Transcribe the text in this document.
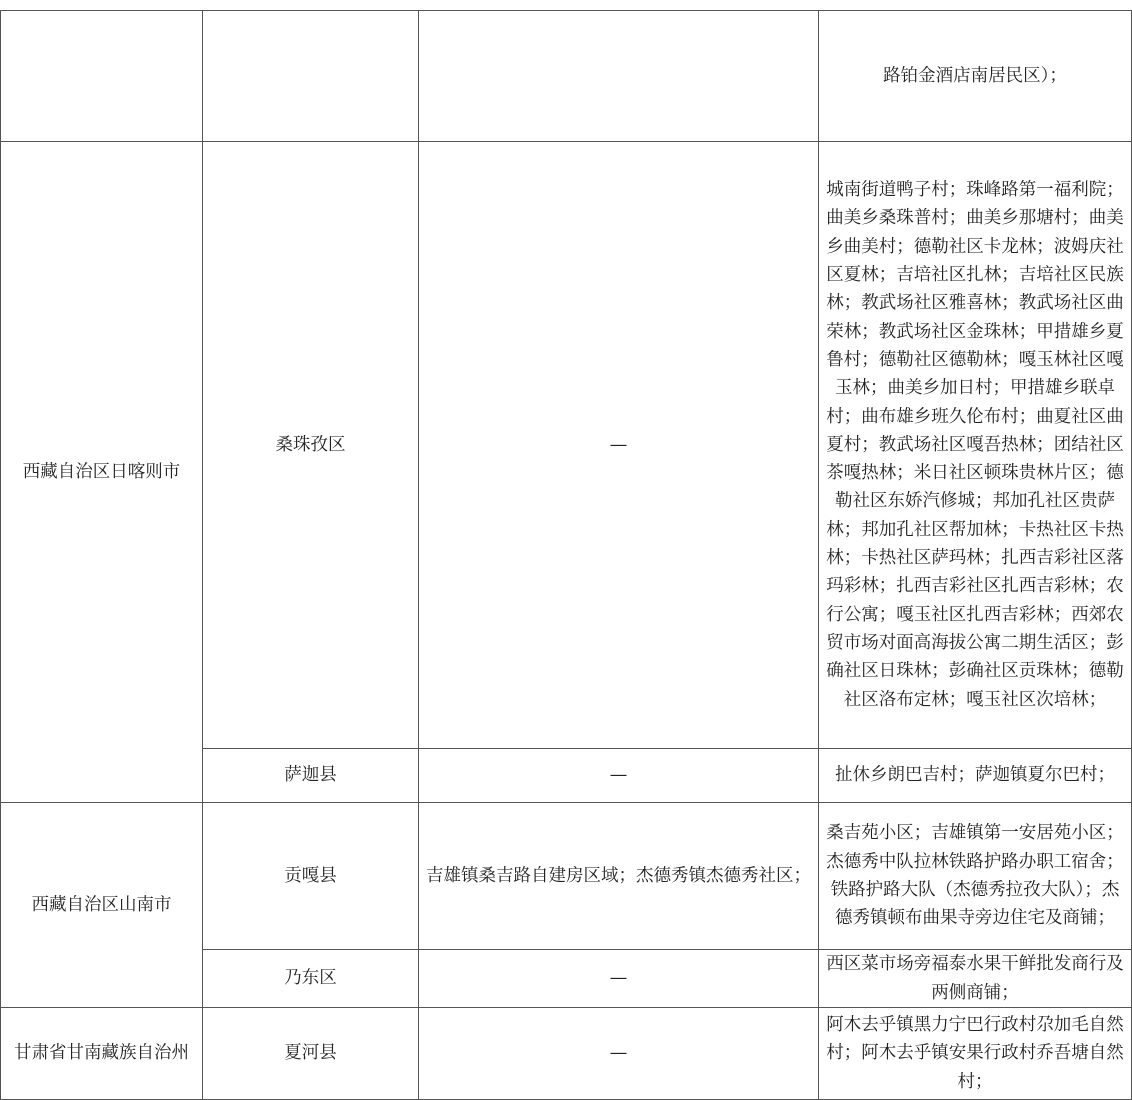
			路铂金酒店南居民区）；
西藏自治区日喀则市	桑珠孜区	—	城南街道鸭子村；珠峰路第一福利院；曲美乡桑珠普村；曲美乡那塘村；曲美乡曲美村；德勒社区卡龙林；波姆庆社区夏林；吉培社区扎林；吉培社区民族林；教武场社区雅喜林；教武场社区曲荣林；教武场社区金珠林；甲措雄乡夏鲁村；德勒社区德勒林；嘎玉林社区嘎玉林；曲美乡加日村；甲措雄乡联卓村；曲布雄乡班久伦布村；曲夏社区曲夏村；教武场社区嘎吾热林；团结社区茶嘎热林；米日社区顿珠贵林片区；德勒社区东娇汽修城；邦加孔社区贵萨林；邦加孔社区帮加林；卡热社区卡热林；卡热社区萨玛林；扎西吉彩社区落玛彩林；扎西吉彩社区扎西吉彩林；农行公寓；嘎玉社区扎西吉彩林；西郊农贸市场对面高海拔公寓二期生活区；彭确社区日珠林；彭确社区贡珠林；德勒社区洛布定林；嘎玉社区次培林；
	萨迦县	—	扯休乡朗巴吉村；萨迦镇夏尔巴村；
西藏自治区山南市	贡嘎县	吉雄镇桑吉路自建房区域；杰德秀镇杰德秀社区；	桑吉苑小区；吉雄镇第一安居苑小区；杰德秀中队拉林铁路护路办职工宿舍；铁路护路大队（杰德秀拉孜大队）；杰德秀镇顿布曲果寺旁边住宅及商铺；
	乃东区	—	西区菜市场旁福泰水果干鲜批发商行及两侧商铺；
甘肃省甘南藏族自治州	夏河县	—	阿木去乎镇黑力宁巴行政村尕加毛自然村；阿木去乎镇安果行政村乔吾塘自然村；
